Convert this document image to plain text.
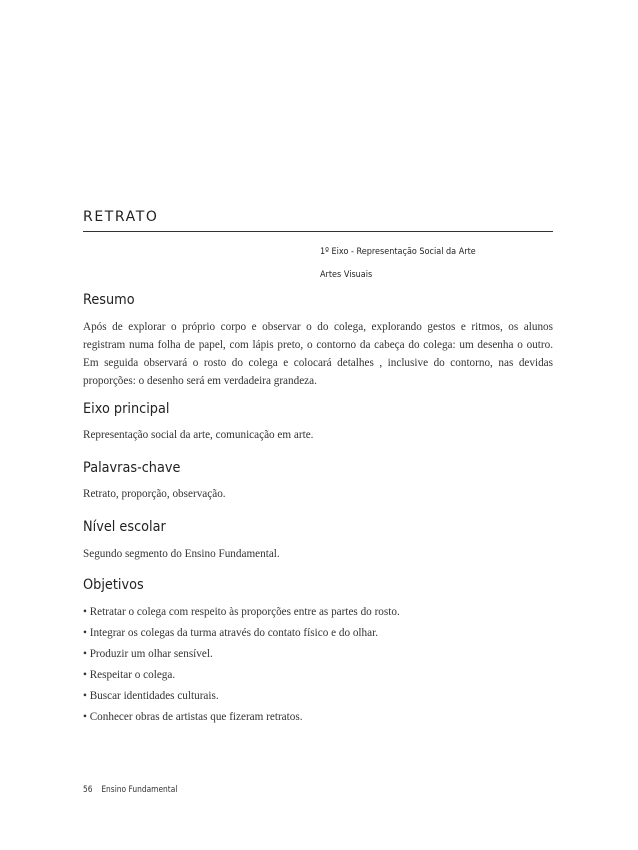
RETRATO
1º Eixo - Representação Social da Arte
Artes Visuais
Resumo

Após de explorar o próprio corpo e observar o do colega, explorando gestos e ritmos, os alunos registram numa folha de papel, com lápis preto, o contorno da cabeça do colega: um desenha o outro. Em seguida observará o rosto do colega e colocará detalhes , inclusive do contorno, nas devidas proporções: o desenho será em verdadeira grandeza.

Eixo principal

Representação social da arte, comunicação em arte.

Palavras-chave

Retrato, proporção, observação.

Nível escolar

Segundo segmento do Ensino Fundamental.

Objetivos
• Retratar o colega com respeito às proporções entre as partes do rosto.
• Integrar os colegas da turma através do contato físico e do olhar.
• Produzir um olhar sensível.
• Respeitar o colega.
• Buscar identidades culturais.
• Conhecer obras de artistas que fizeram retratos.
56 Ensino Fundamental
